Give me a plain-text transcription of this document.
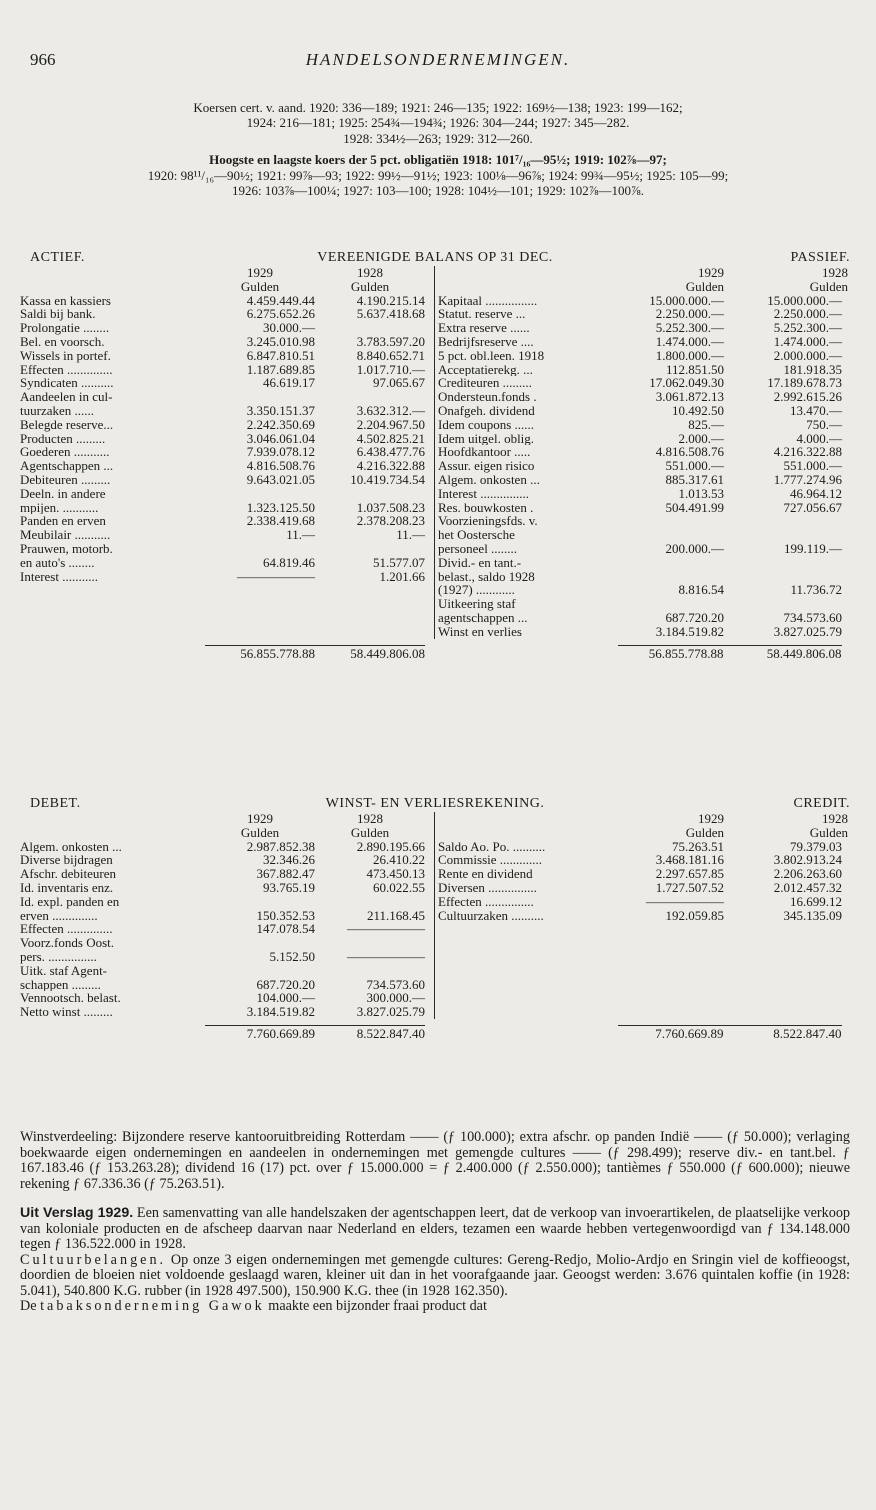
966	HANDELSONDERNEMINGEN.
Koersen cert. v. aand. 1920: 336—189; 1921: 246—135; 1922: 169½—138; 1923: 199—162;
1924: 216—181; 1925: 254¾—194¾; 1926: 304—244; 1927: 345—282.
1928: 334½—263; 1929: 312—260.
Hoogste en laagste koers der 5 pct. obligatiën 1918: 101⁷/₁₆—95½; 1919: 102⅞—97;
1920: 98¹¹/₁₆—90½; 1921: 99⅞—93; 1922: 99½—91½; 1923: 100⅛—96⅞; 1924: 99¾—95½; 1925: 105—99;
1926: 103⅞—100¼; 1927: 103—100; 1928: 104½—101; 1929: 102⅞—100⅞.
ACTIEF.	VEREENIGDE BALANS OP 31 DEC.	PASSIEF.
1929	1928
Gulden	Gulden
Kassa en kassiers	4.459.449.44	4.190.215.14
Saldi bij bank.	6.275.652.26	5.637.418.68
Prolongatie ........	30.000.—
Bel. en voorsch.	3.245.010.98	3.783.597.20
Wissels in portef.	6.847.810.51	8.840.652.71
Effecten ..............	1.187.689.85	1.017.710.—
Syndicaten ..........	46.619.17	97.065.67
Aandeelen in cul-
tuurzaken ......	3.350.151.37	3.632.312.—
Belegde reserve...	2.242.350.69	2.204.967.50
Producten .........	3.046.061.04	4.502.825.21
Goederen ...........	7.939.078.12	6.438.477.76
Agentschappen ...	4.816.508.76	4.216.322.88
Debiteuren .........	9.643.021.05	10.419.734.54
Deeln. in andere
mpijen. ...........	1.323.125.50	1.037.508.23
Panden en erven	2.338.419.68	2.378.208.23
Meubilair ...........	11.—	11.—
Prauwen, motorb.
en auto's ........	64.819.46	51.577.07
Interest ...........	——————	1.201.66
1929	1928
Gulden	Gulden
Kapitaal ................	15.000.000.—	15.000.000.—
Statut. reserve ...	2.250.000.—	2.250.000.—
Extra reserve ......	5.252.300.—	5.252.300.—
Bedrijfsreserve ....	1.474.000.—	1.474.000.—
5 pct. obl.leen. 1918	1.800.000.—	2.000.000.—
Acceptatierekg. ...	112.851.50	181.918.35
Crediteuren .........	17.062.049.30	17.189.678.73
Ondersteun.fonds .	3.061.872.13	2.992.615.26
Onafgeh. dividend	10.492.50	13.470.—
Idem coupons ......	825.—	750.—
Idem uitgel. oblig.	2.000.—	4.000.—
Hoofdkantoor .....	4.816.508.76	4.216.322.88
Assur. eigen risico	551.000.—	551.000.—
Algem. onkosten ...	885.317.61	1.777.274.96
Interest ...............	1.013.53	46.964.12
Res. bouwkosten .	504.491.99	727.056.67
Voorzieningsfds. v.
het Oostersche
personeel ........	200.000.—	199.119.—
Divid.- en tant.-
belast., saldo 1928
(1927) ............	8.816.54	11.736.72
Uitkeering staf
agentschappen ...	687.720.20	734.573.60
Winst en verlies	3.184.519.82	3.827.025.79
56.855.778.88	58.449.806.08	56.855.778.88	58.449.806.08
DEBET.	WINST- EN VERLIESREKENING.	CREDIT.
1929	1928
Gulden	Gulden
Algem. onkosten ...	2.987.852.38	2.890.195.66
Diverse bijdragen	32.346.26	26.410.22
Afschr. debiteuren	367.882.47	473.450.13
Id. inventaris enz.	93.765.19	60.022.55
Id. expl. panden en
erven ..............	150.352.53	211.168.45
Effecten ..............	147.078.54	——————
Voorz.fonds Oost.
pers. ...............	5.152.50	——————
Uitk. staf Agent-
schappen .........	687.720.20	734.573.60
Vennootsch. belast.	104.000.—	300.000.—
Netto winst .........	3.184.519.82	3.827.025.79
1929	1928
Gulden	Gulden
Saldo Ao. Po. ..........	75.263.51	79.379.03
Commissie .............	3.468.181.16	3.802.913.24
Rente en dividend	2.297.657.85	2.206.263.60
Diversen ...............	1.727.507.52	2.012.457.32
Effecten ...............	——————	16.699.12
Cultuurzaken ..........	192.059.85	345.135.09
7.760.669.89	8.522.847.40	7.760.669.89	8.522.847.40

Winstverdeeling: Bijzondere reserve kantooruitbreiding Rotterdam —— (ƒ 100.000); extra afschr. op panden Indië —— (ƒ 50.000); verlaging boekwaarde eigen ondernemingen en aandeelen in ondernemingen met gemengde cultures —— (ƒ 298.499); reserve div.- en tant.bel. ƒ 167.183.46 (ƒ 153.263.28); dividend 16 (17) pct. over ƒ 15.000.000 = ƒ 2.400.000 (ƒ 2.550.000); tantièmes ƒ 550.000 (ƒ 600.000); nieuwe rekening ƒ 67.336.36 (ƒ 75.263.51).

Uit Verslag 1929. Een samenvatting van alle handelszaken der agentschappen leert, dat de verkoop van invoerartikelen, de plaatselijke verkoop van koloniale producten en de afscheep daarvan naar Nederland en elders, tezamen een waarde hebben vertegenwoordigd van ƒ 134.148.000 tegen ƒ 136.522.000 in 1928.

Cultuurbelangen. Op onze 3 eigen ondernemingen met gemengde cultures: Gereng-Redjo, Molio-Ardjo en Sringin viel de koffieoogst, doordien de bloeien niet voldoende geslaagd waren, kleiner uit dan in het voorafgaande jaar. Geoogst werden: 3.676 quintalen koffie (in 1928: 5.041), 540.800 K.G. rubber (in 1928 497.500), 150.900 K.G. thee (in 1928 162.350).

De tabaksonderneming Gawok maakte een bijzonder fraai product dat
